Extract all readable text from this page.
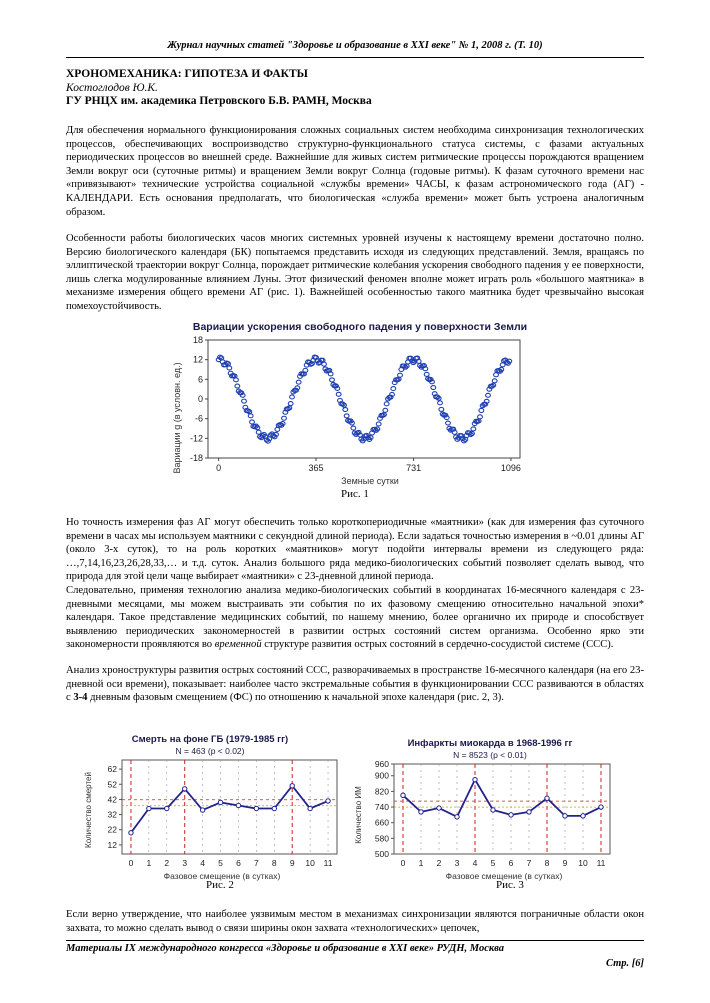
Журнал научных статей "Здоровье и образование в XXI веке" № 1, 2008 г. (Т. 10)
ХРОНОМЕХАНИКА: ГИПОТЕЗА И ФАКТЫ
Костоглодов Ю.К.
ГУ РНЦХ им. академика Петровского Б.В. РАМН, Москва
Для обеспечения нормального функционирования сложных социальных систем необходима синхронизация технологических процессов, обеспечивающих воспроизводство структурно-функционального статуса системы, с фазами актуальных периодических процессов во внешней среде. Важнейшие для живых систем ритмические процессы порождаются вращением Земли вокруг оси (суточные ритмы) и вращением Земли вокруг Солнца (годовые ритмы). К фазам суточного времени нас «привязывают» технические устройства социальной «службы времени» ЧАСЫ, к фазам астрономического года (АГ) - КАЛЕНДАРИ. Есть основания предполагать, что биологическая «служба времени» может быть устроена аналогичным образом.
Особенности работы биологических часов многих системных уровней изучены к настоящему времени достаточно полно. Версию биологического календаря (БК) попытаемся представить исходя из следующих представлений. Земля, вращаясь по эллиптической траектории вокруг Солнца, порождает ритмические колебания ускорения свободного падения у ее поверхности, лишь слегка модулированные влиянием Луны. Этот физический феномен вполне может играть роль «большого маятника» в механизме измерения общего времени АГ (рис. 1). Важнейшей особенностью такого маятника будет чрезвычайно высокая помехоустойчивость.
Вариации ускорения свободного падения у поверхности Земли
18
12
6
0
-6
-12
-18
0	365	731	1096
Вариации g (в условн. ед.)
Земные сутки
Рис. 1
Но точность измерения фаз АГ могут обеспечить только короткопериодичные «маятники» (как для измерения фаз суточного времени в часах мы используем маятники с секундной длиной периода). Если задаться точностью измерения в ~0.01 длины АГ (около 3-х суток), то на роль коротких «маятников» могут подойти интервалы времени из следующего ряда: …,7,14,16,23,26,28,33,… и т.д. суток. Анализ большого ряда медико-биологических событий позволяет сделать вывод, что природа для этой цели чаще выбирает «маятники» с 23-дневной длиной периода.
Следовательно, применяя технологию анализа медико-биологических событий в координатах 16-месячного календаря с 23-дневными месяцами, мы можем выстраивать эти события по их фазовому смещению относительно начальной эпохи* календаря. Такое представление медицинских событий, по нашему мнению, более органично их природе и способствует выявлению периодических закономерностей в развитии острых состояний систем организма. Особенно ярко эти закономерности проявляются во временной структуре развития острых состояний в сердечно-сосудистой системе (ССС).
Анализ хроноструктуры развития острых состояний ССС, разворачиваемых в пространстве 16-месячного календаря (на его 23-дневной оси времени), показывает: наиболее часто экстремальные события в функционировании ССС развиваются в областях с 3-4 дневным фазовым смещением (ФС) по отношению к начальной эпохе календаря (рис. 2, 3).
Смерть на фоне ГБ (1979-1985 гг)
N = 463 (р < 0.02)
12
22
32
42
52
62
0 1 2 3 4 5 6 7 8 9 10 11
Количество смертей
Фазовое смещение (в сутках)
Рис. 2
Инфаркты миокарда в 1968-1996 гг
N = 8523 (р < 0.01)
500
580
660
740
820
900
960
0 1 2 3 4 5 6 7 8 9 10 11
Количество ИМ
Фазовое смещение (в сутках)
Рис. 3
Если верно утверждение, что наиболее уязвимым местом в механизмах синхронизации являются пограничные области окон захвата, то можно сделать вывод о связи ширины окон захвата «технологических» цепочек,
Материалы IX международного конгресса «Здоровье и образование в XXI веке» РУДН, Москва
Стр. [6]
